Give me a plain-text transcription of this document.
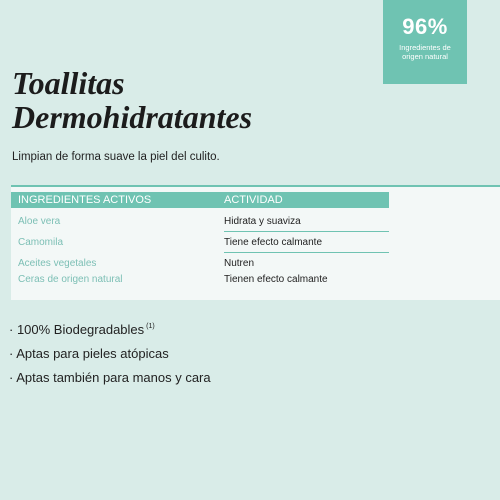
96%
Ingredientes de origen natural
Toallitas
Dermohidratantes
Limpian de forma suave la piel del culito.
INGREDIENTES ACTIVOS	ACTIVIDAD
Aloe vera	Hidrata y suaviza
Camomila	Tiene efecto calmante
Aceites vegetales	Nutren
Ceras de origen natural	Tienen efecto calmante
· 100% Biodegradables $^{(1)}$
· Aptas para pieles atópicas
· Aptas también para manos y cara
